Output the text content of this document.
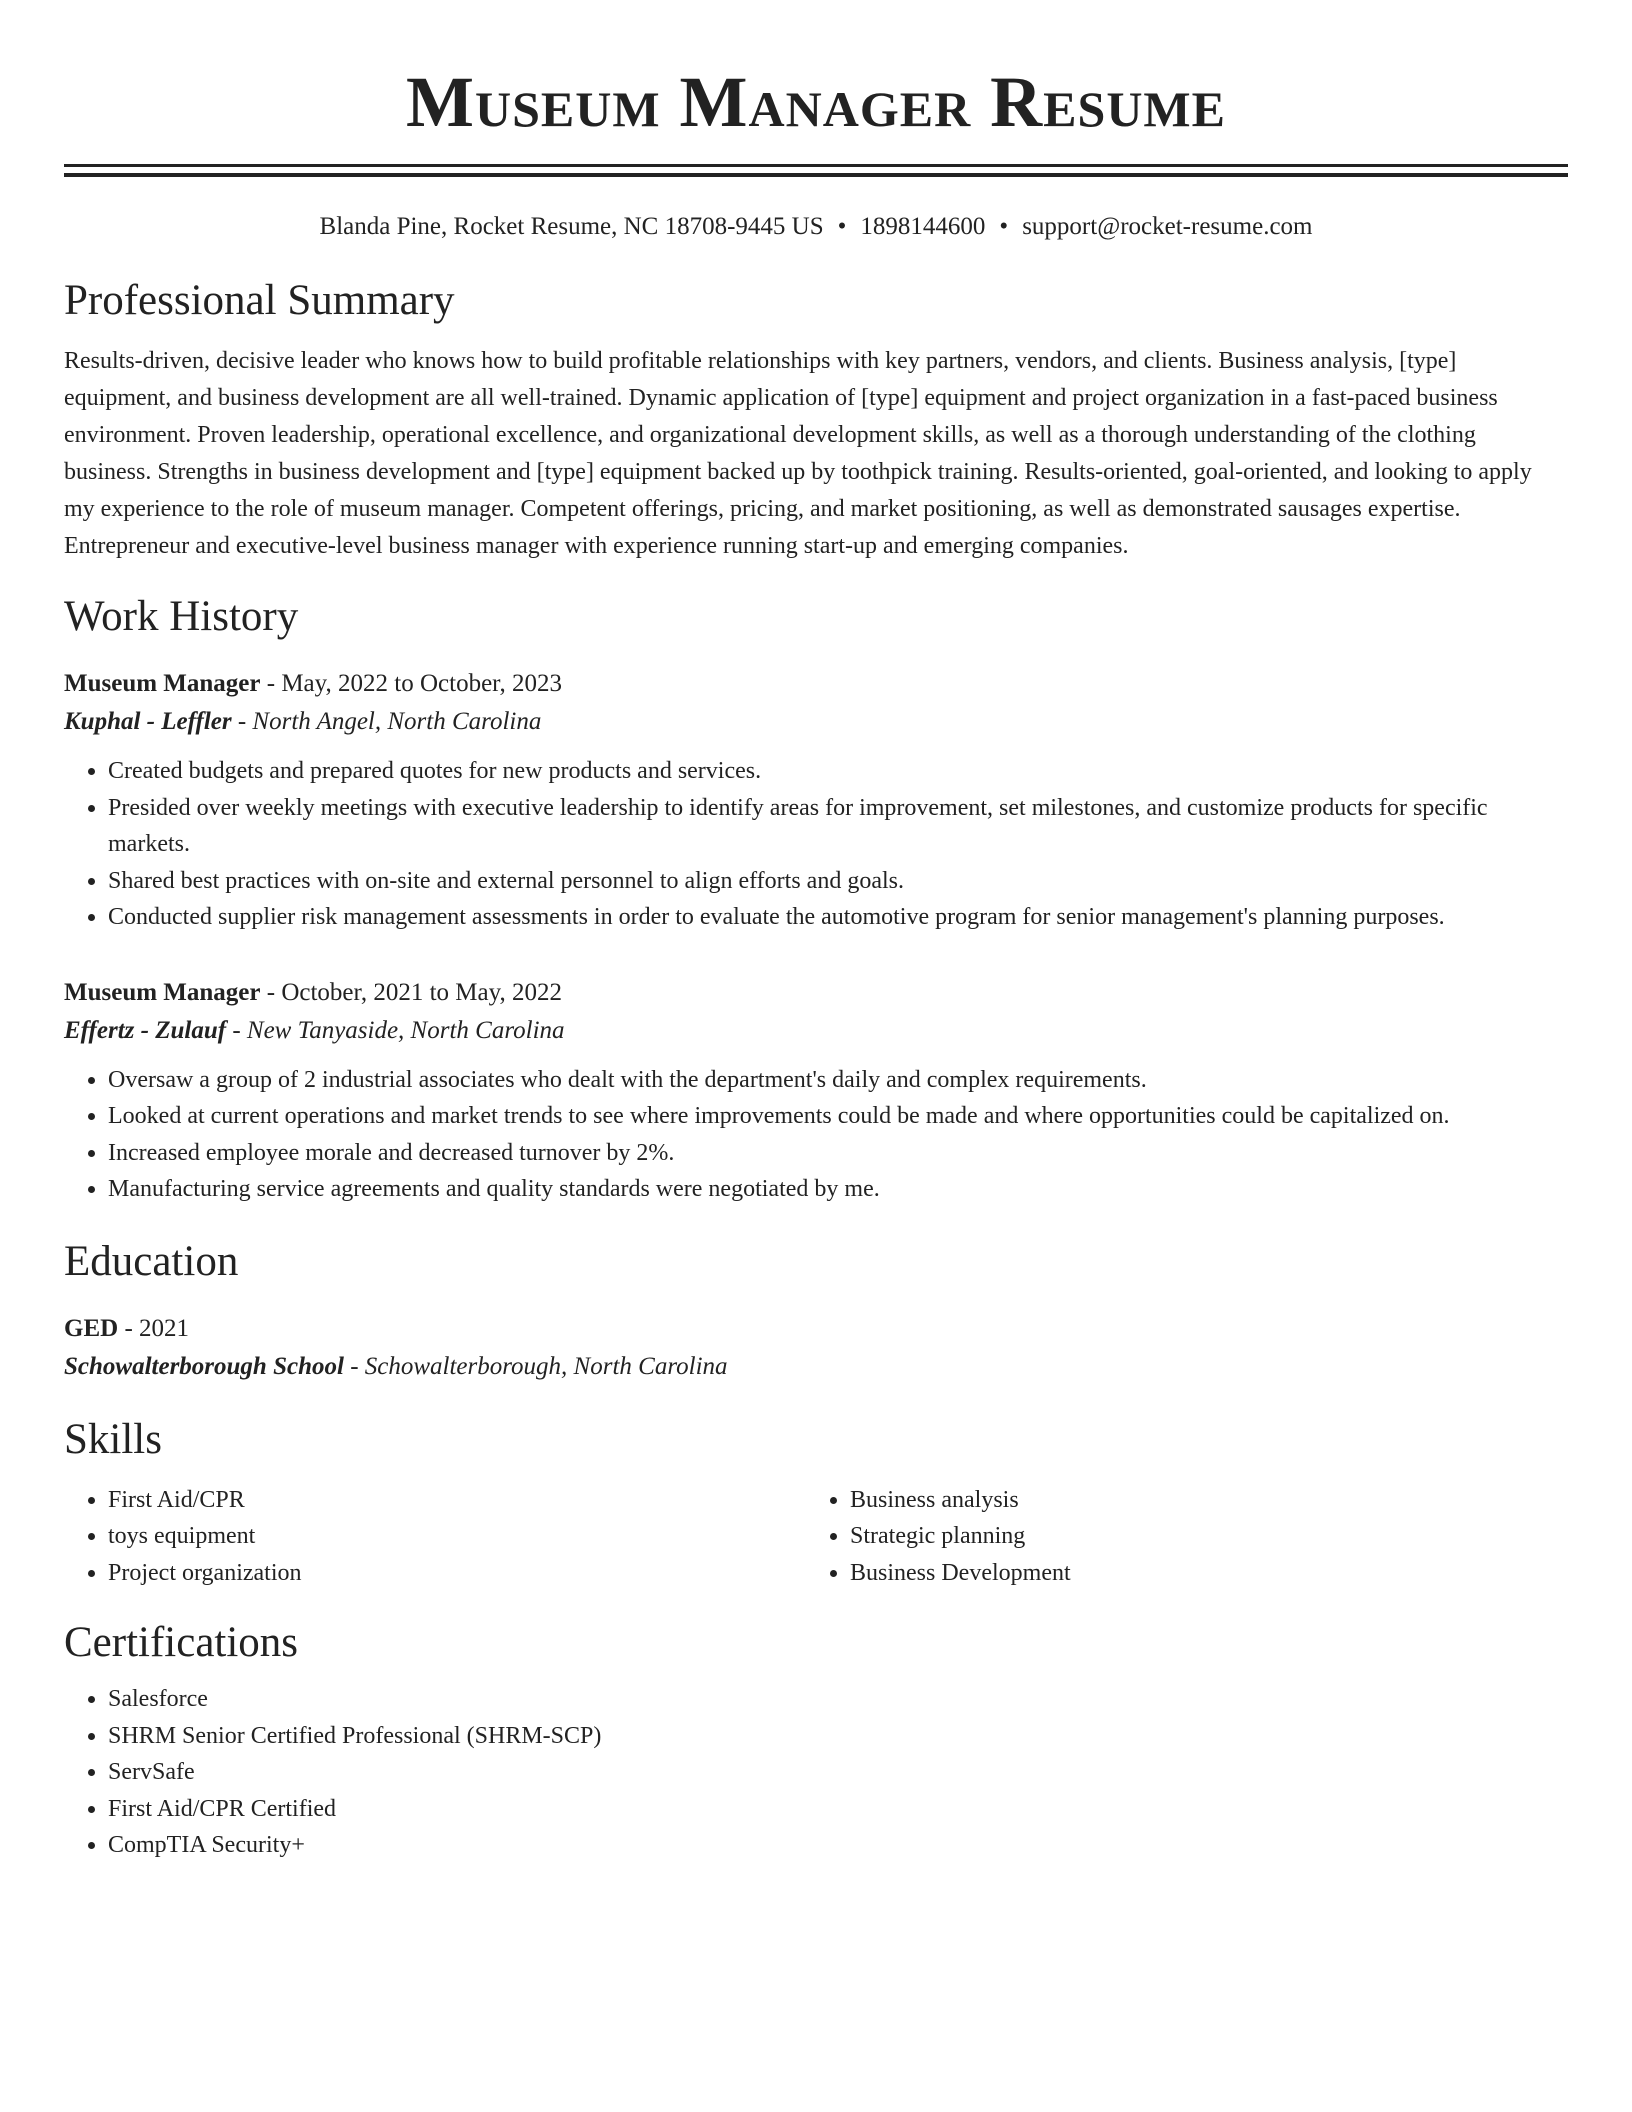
Museum Manager Resume
Blanda Pine, Rocket Resume, NC 18708-9445 US • 1898144600 • support@rocket-resume.com
Professional Summary

Results-driven, decisive leader who knows how to build profitable relationships with key partners, vendors, and clients. Business analysis, [type] equipment, and business development are all well-trained. Dynamic application of [type] equipment and project organization in a fast-paced business environment. Proven leadership, operational excellence, and organizational development skills, as well as a thorough understanding of the clothing business. Strengths in business development and [type] equipment backed up by toothpick training. Results-oriented, goal-oriented, and looking to apply my experience to the role of museum manager. Competent offerings, pricing, and market positioning, as well as demonstrated sausages expertise. Entrepreneur and executive-level business manager with experience running start-up and emerging companies.

Work History
Museum Manager - May, 2022 to October, 2023
Kuphal - Leffler - North Angel, North Carolina
• Created budgets and prepared quotes for new products and services.
• Presided over weekly meetings with executive leadership to identify areas for improvement, set milestones, and customize products for specific markets.
• Shared best practices with on-site and external personnel to align efforts and goals.
• Conducted supplier risk management assessments in order to evaluate the automotive program for senior management's planning purposes.
Museum Manager - October, 2021 to May, 2022
Effertz - Zulauf - New Tanyaside, North Carolina
• Oversaw a group of 2 industrial associates who dealt with the department's daily and complex requirements.
• Looked at current operations and market trends to see where improvements could be made and where opportunities could be capitalized on.
• Increased employee morale and decreased turnover by 2%.
• Manufacturing service agreements and quality standards were negotiated by me.
Education
GED - 2021
Schowalterborough School - Schowalterborough, North Carolina
Skills
• First Aid/CPR
• toys equipment
• Project organization
• Business analysis
• Strategic planning
• Business Development
Certifications
• Salesforce
• SHRM Senior Certified Professional (SHRM-SCP)
• ServSafe
• First Aid/CPR Certified
• CompTIA Security+
